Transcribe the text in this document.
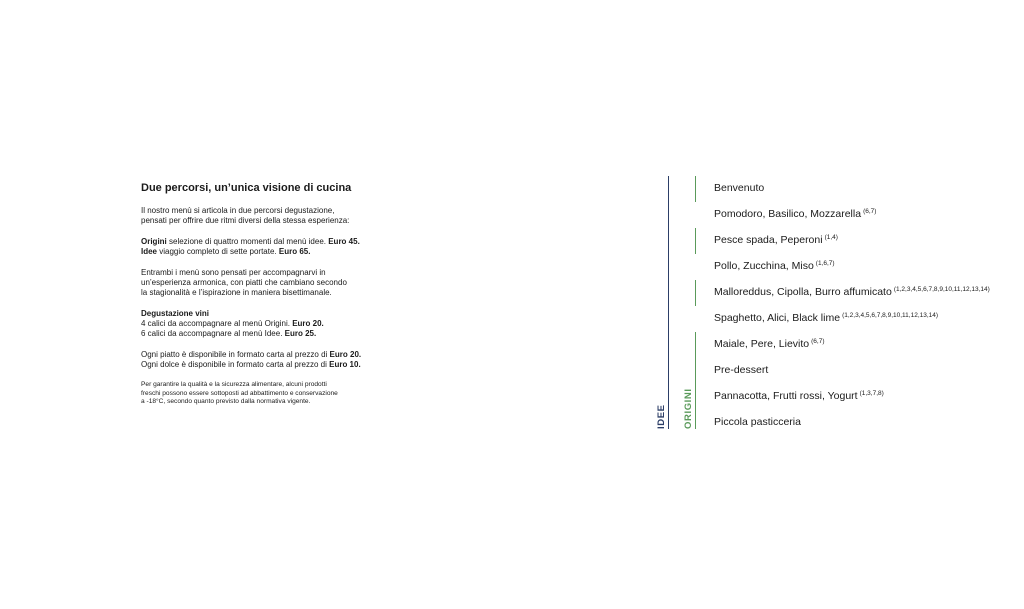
Due percorsi, un’unica visione di cucina
Il nostro menù si articola in due percorsi degustazione,
pensati per offrire due ritmi diversi della stessa esperienza:
Origini selezione di quattro momenti dal menù idee. Euro 45.
Idee viaggio completo di sette portate. Euro 65.
Entrambi i menù sono pensati per accompagnarvi in
un’esperienza armonica, con piatti che cambiano secondo
la stagionalità e l’ispirazione in maniera bisettimanale.
Degustazione vini
4 calici da accompagnare al menù Origini. Euro 20.
6 calici da accompagnare al menù Idee. Euro 25.
Ogni piatto è disponibile in formato carta al prezzo di Euro 20.
Ogni dolce è disponibile in formato carta al prezzo di Euro 10.
Per garantire la qualità e la sicurezza alimentare, alcuni prodotti
freschi possono essere sottoposti ad abbattimento e conservazione
a -18°C, secondo quanto previsto dalla normativa vigente.
IDEE ORIGINI
Benvenuto
Pomodoro, Basilico, Mozzarella $^{(6,7)}$
Pesce spada, Peperoni $^{(1,4)}$
Pollo, Zucchina, Miso $^{(1,6,7)}$
Malloreddus, Cipolla, Burro affumicato $^{(1,2,3,4,5,6,7,8,9,10,11,12,13,14)}$
Spaghetto, Alici, Black lime $^{(1,2,3,4,5,6,7,8,9,10,11,12,13,14)}$
Maiale, Pere, Lievito $^{(6,7)}$
Pre-dessert
Pannacotta, Frutti rossi, Yogurt $^{(1,3,7,8)}$
Piccola pasticceria
